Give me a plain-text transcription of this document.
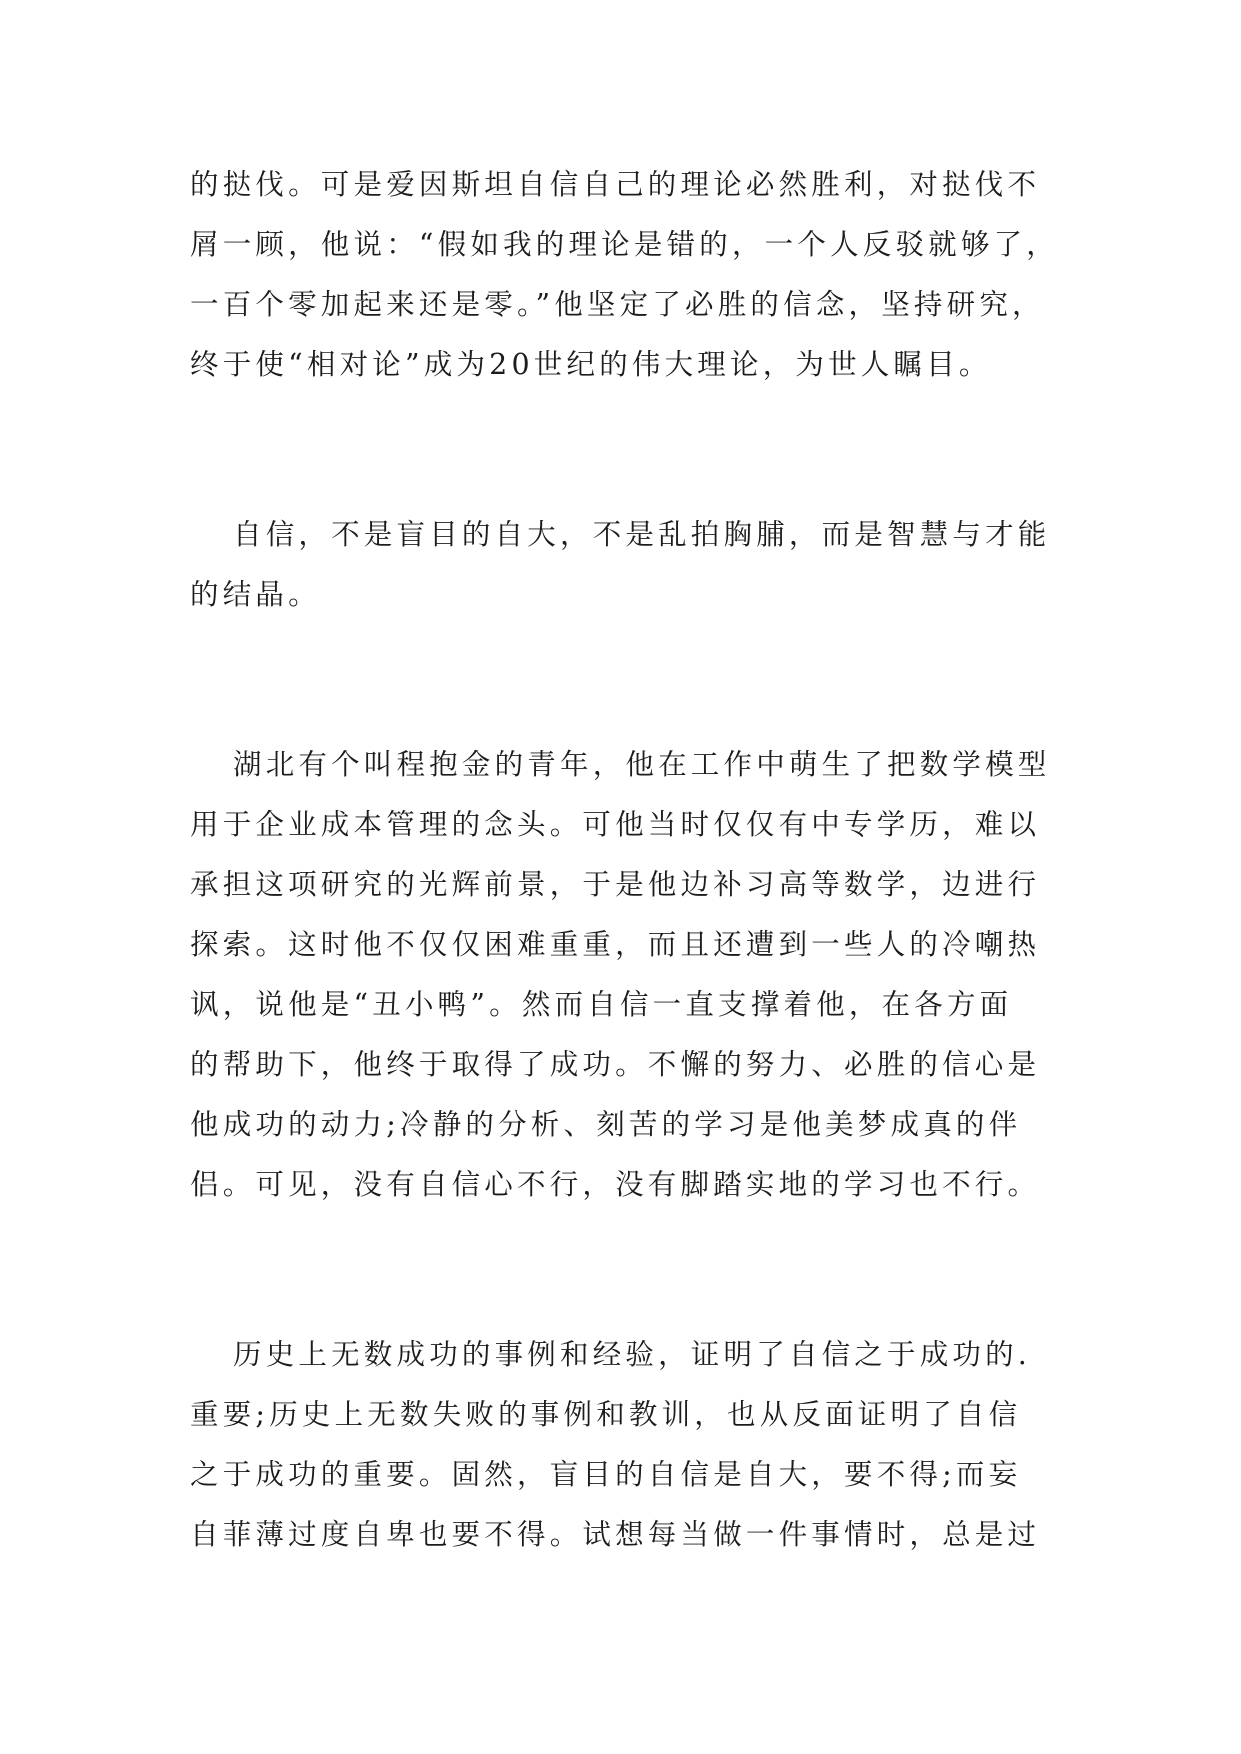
的挞伐。可是爱因斯坦自信自己的理论必然胜利，对挞伐不
屑一顾，他说：“假如我的理论是错的，一个人反驳就够了，
一百个零加起来还是零。”他坚定了必胜的信念，坚持研究，
终于使“相对论”成为20世纪的伟大理论，为世人瞩目。
自信，不是盲目的自大，不是乱拍胸脯，而是智慧与才能
的结晶。
湖北有个叫程抱金的青年，他在工作中萌生了把数学模型
用于企业成本管理的念头。可他当时仅仅有中专学历，难以
承担这项研究的光辉前景，于是他边补习高等数学，边进行
探索。这时他不仅仅困难重重，而且还遭到一些人的冷嘲热
讽，说他是“丑小鸭”。然而自信一直支撑着他，在各方面
的帮助下，他终于取得了成功。不懈的努力、必胜的信心是
他成功的动力;冷静的分析、刻苦的学习是他美梦成真的伴
侣。可见，没有自信心不行，没有脚踏实地的学习也不行。
历史上无数成功的事例和经验，证明了自信之于成功的.
重要;历史上无数失败的事例和教训，也从反面证明了自信
之于成功的重要。固然，盲目的自信是自大，要不得;而妄
自菲薄过度自卑也要不得。试想每当做一件事情时，总是过
